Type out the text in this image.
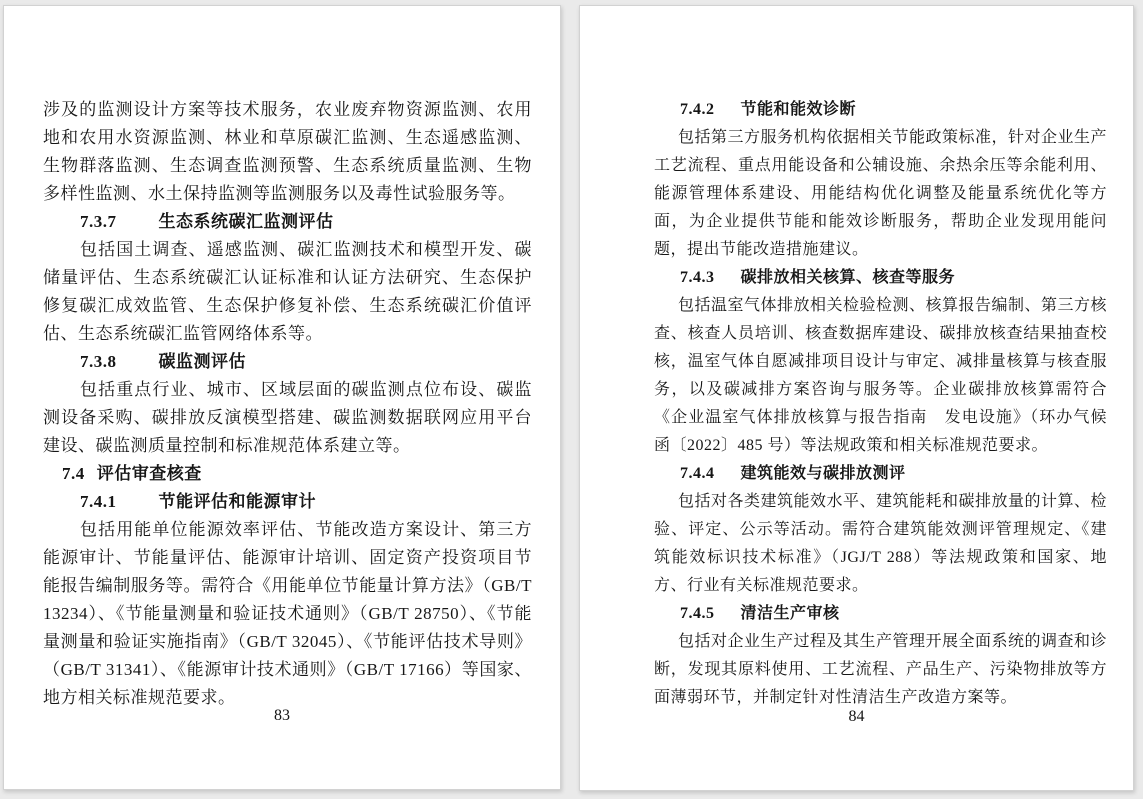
涉及的监测设计方案等技术服务，农业废弃物资源监测、农用地和农用水资源监测、林业和草原碳汇监测、生态遥感监测、生物群落监测、生态调查监测预警、生态系统质量监测、生物多样性监测、水土保持监测等监测服务以及毒性试验服务等。

7.3.7 生态系统碳汇监测评估

包括国土调查、遥感监测、碳汇监测技术和模型开发、碳储量评估、生态系统碳汇认证标准和认证方法研究、生态保护修复碳汇成效监管、生态保护修复补偿、生态系统碳汇价值评估、生态系统碳汇监管网络体系等。

7.3.8 碳监测评估

包括重点行业、城市、区域层面的碳监测点位布设、碳监测设备采购、碳排放反演模型搭建、碳监测数据联网应用平台建设、碳监测质量控制和标准规范体系建立等。

7.4 评估审查核查
7.4.1 节能评估和能源审计

包括用能单位能源效率评估、节能改造方案设计、第三方能源审计、节能量评估、能源审计培训、固定资产投资项目节能报告编制服务等。需符合《用能单位节能量计算方法》（GB/T 13234）、《节能量测量和验证技术通则》（GB/T 28750）、《节能量测量和验证实施指南》（GB/T 32045）、《节能评估技术导则》（GB/T 31341）、《能源审计技术通则》（GB/T 17166）等国家、地方相关标准规范要求。

83
7.4.2 节能和能效诊断

包括第三方服务机构依据相关节能政策标准，针对企业生产工艺流程、重点用能设备和公辅设施、余热余压等余能利用、能源管理体系建设、用能结构优化调整及能量系统优化等方面，为企业提供节能和能效诊断服务，帮助企业发现用能问题，提出节能改造措施建议。

7.4.3 碳排放相关核算、核查等服务

包括温室气体排放相关检验检测、核算报告编制、第三方核查、核查人员培训、核查数据库建设、碳排放核查结果抽查校核，温室气体自愿减排项目设计与审定、减排量核算与核查服务，以及碳减排方案咨询与服务等。企业碳排放核算需符合《企业温室气体排放核算与报告指南　发电设施》（环办气候函〔2022〕485 号）等法规政策和相关标准规范要求。

7.4.4 建筑能效与碳排放测评

包括对各类建筑能效水平、建筑能耗和碳排放量的计算、检验、评定、公示等活动。需符合建筑能效测评管理规定、《建筑能效标识技术标准》（JGJ/T 288）等法规政策和国家、地方、行业有关标准规范要求。

7.4.5 清洁生产审核

包括对企业生产过程及其生产管理开展全面系统的调查和诊断，发现其原料使用、工艺流程、产品生产、污染物排放等方面薄弱环节，并制定针对性清洁生产改造方案等。

84
